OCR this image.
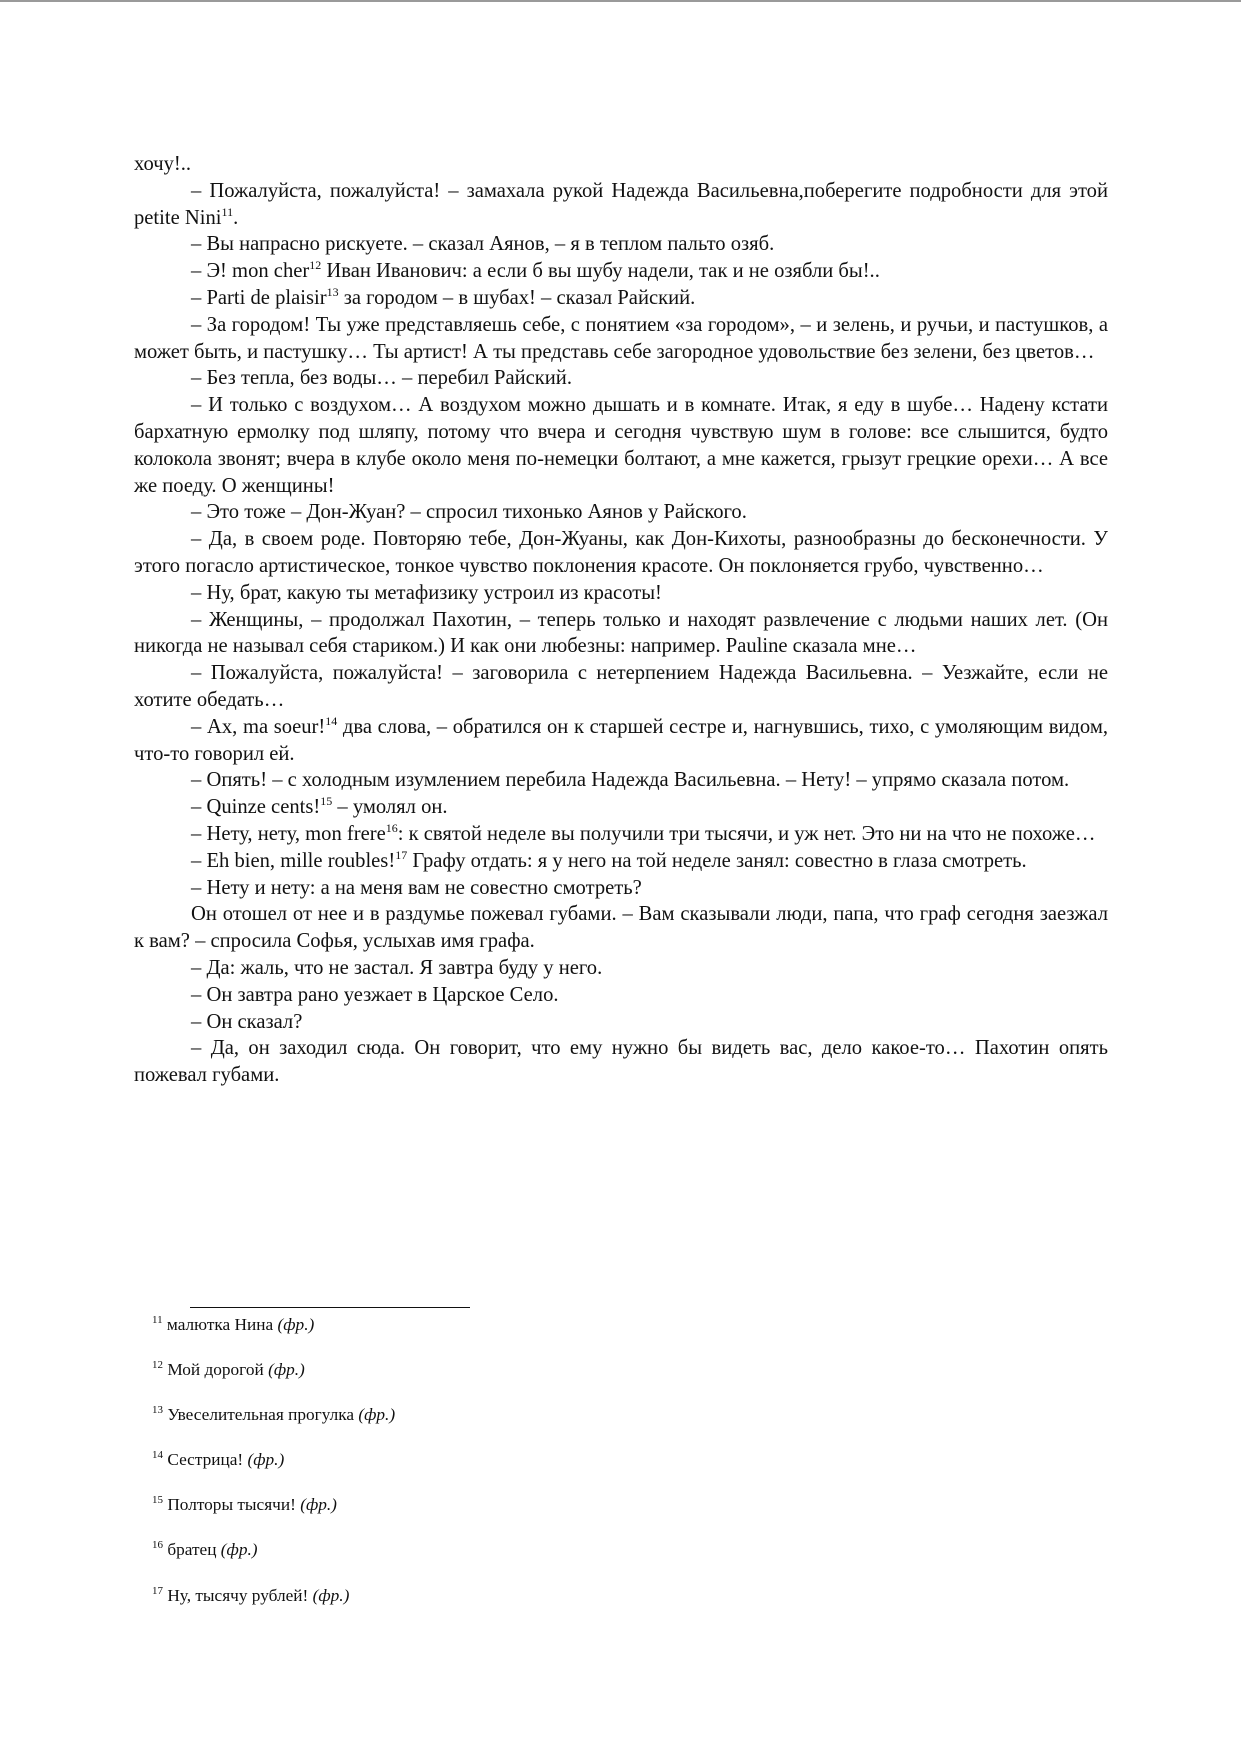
хочу!..

– Пожалуйста, пожалуйста! – замахала рукой Надежда Васильевна,поберегите подробности для этой petite Nini$^{11}$.

– Вы напрасно рискуете. – сказал Аянов, – я в теплом пальто озяб.

– Э! mon cher$^{12}$ Иван Иванович: а если б вы шубу надели, так и не озябли бы!..

– Parti de plaisir$^{13}$ за городом – в шубах! – сказал Райский.

– За городом! Ты уже представляешь себе, с понятием «за городом», – и зелень, и ручьи, и пастушков, а может быть, и пастушку… Ты артист! А ты представь себе загородное удовольствие без зелени, без цветов…

– Без тепла, без воды… – перебил Райский.

– И только с воздухом… А воздухом можно дышать и в комнате. Итак, я еду в шубе… Надену кстати бархатную ермолку под шляпу, потому что вчера и сегодня чувствую шум в голове: все слышится, будто колокола звонят; вчера в клубе около меня по-немецки болтают, а мне кажется, грызут грецкие орехи… А все же поеду. О женщины!

– Это тоже – Дон-Жуан? – спросил тихонько Аянов у Райского.

– Да, в своем роде. Повторяю тебе, Дон-Жуаны, как Дон-Кихоты, разнообразны до бесконечности. У этого погасло артистическое, тонкое чувство поклонения красоте. Он поклоняется грубо, чувственно…

– Ну, брат, какую ты метафизику устроил из красоты!

– Женщины, – продолжал Пахотин, – теперь только и находят развлечение с людьми наших лет. (Он никогда не называл себя стариком.) И как они любезны: например. Pauline сказала мне…

– Пожалуйста, пожалуйста! – заговорила с нетерпением Надежда Васильевна. – Уезжайте, если не хотите обедать…

– Ах, ma soeur!$^{14}$ два слова, – обратился он к старшей сестре и, нагнувшись, тихо, с умоляющим видом, что-то говорил ей.

– Опять! – с холодным изумлением перебила Надежда Васильевна. – Нету! – упрямо сказала потом.

– Quinze cents!$^{15}$ – умолял он.

– Нету, нету, mon frere$^{16}$: к святой неделе вы получили три тысячи, и уж нет. Это ни на что не похоже…

– Eh bien, mille roubles!$^{17}$ Графу отдать: я у него на той неделе занял: совестно в глаза смотреть.

– Нету и нету: а на меня вам не совестно смотреть?

Он отошел от нее и в раздумье пожевал губами. – Вам сказывали люди, папа, что граф сегодня заезжал к вам? – спросила Софья, услыхав имя графа.

– Да: жаль, что не застал. Я завтра буду у него.

– Он завтра рано уезжает в Царское Село.

– Он сказал?

– Да, он заходил сюда. Он говорит, что ему нужно бы видеть вас, дело какое-то… Пахотин опять пожевал губами.

$^{11}$ малютка Нина (фр.)

$^{12}$ Мой дорогой (фр.)

$^{13}$ Увеселительная прогулка (фр.)

$^{14}$ Сестрица! (фр.)

$^{15}$ Полторы тысячи! (фр.)

$^{16}$ братец (фр.)

$^{17}$ Ну, тысячу рублей! (фр.)
